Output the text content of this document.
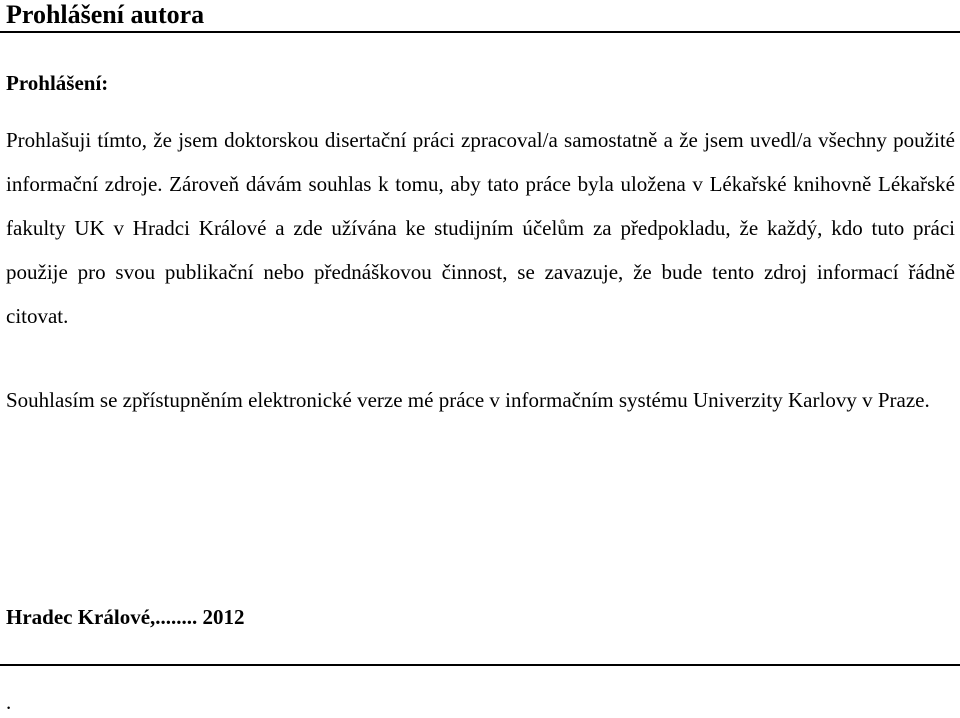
Prohlášení autora
Prohlášení:

Prohlašuji tímto, že jsem doktorskou disertační práci zpracoval/a samostatně a že jsem uvedl/a všechny použité informační zdroje. Zároveň dávám souhlas k tomu, aby tato práce byla uložena v Lékařské knihovně Lékařské fakulty UK v Hradci Králové a zde užívána ke studijním účelům za předpokladu, že každý, kdo tuto práci použije pro svou publikační nebo přednáškovou činnost, se zavazuje, že bude tento zdroj informací řádně citovat.

Souhlasím se zpřístupněním elektronické verze mé práce v informačním systému Univerzity Karlovy v Praze.

Hradec Králové,........ 2012

.
